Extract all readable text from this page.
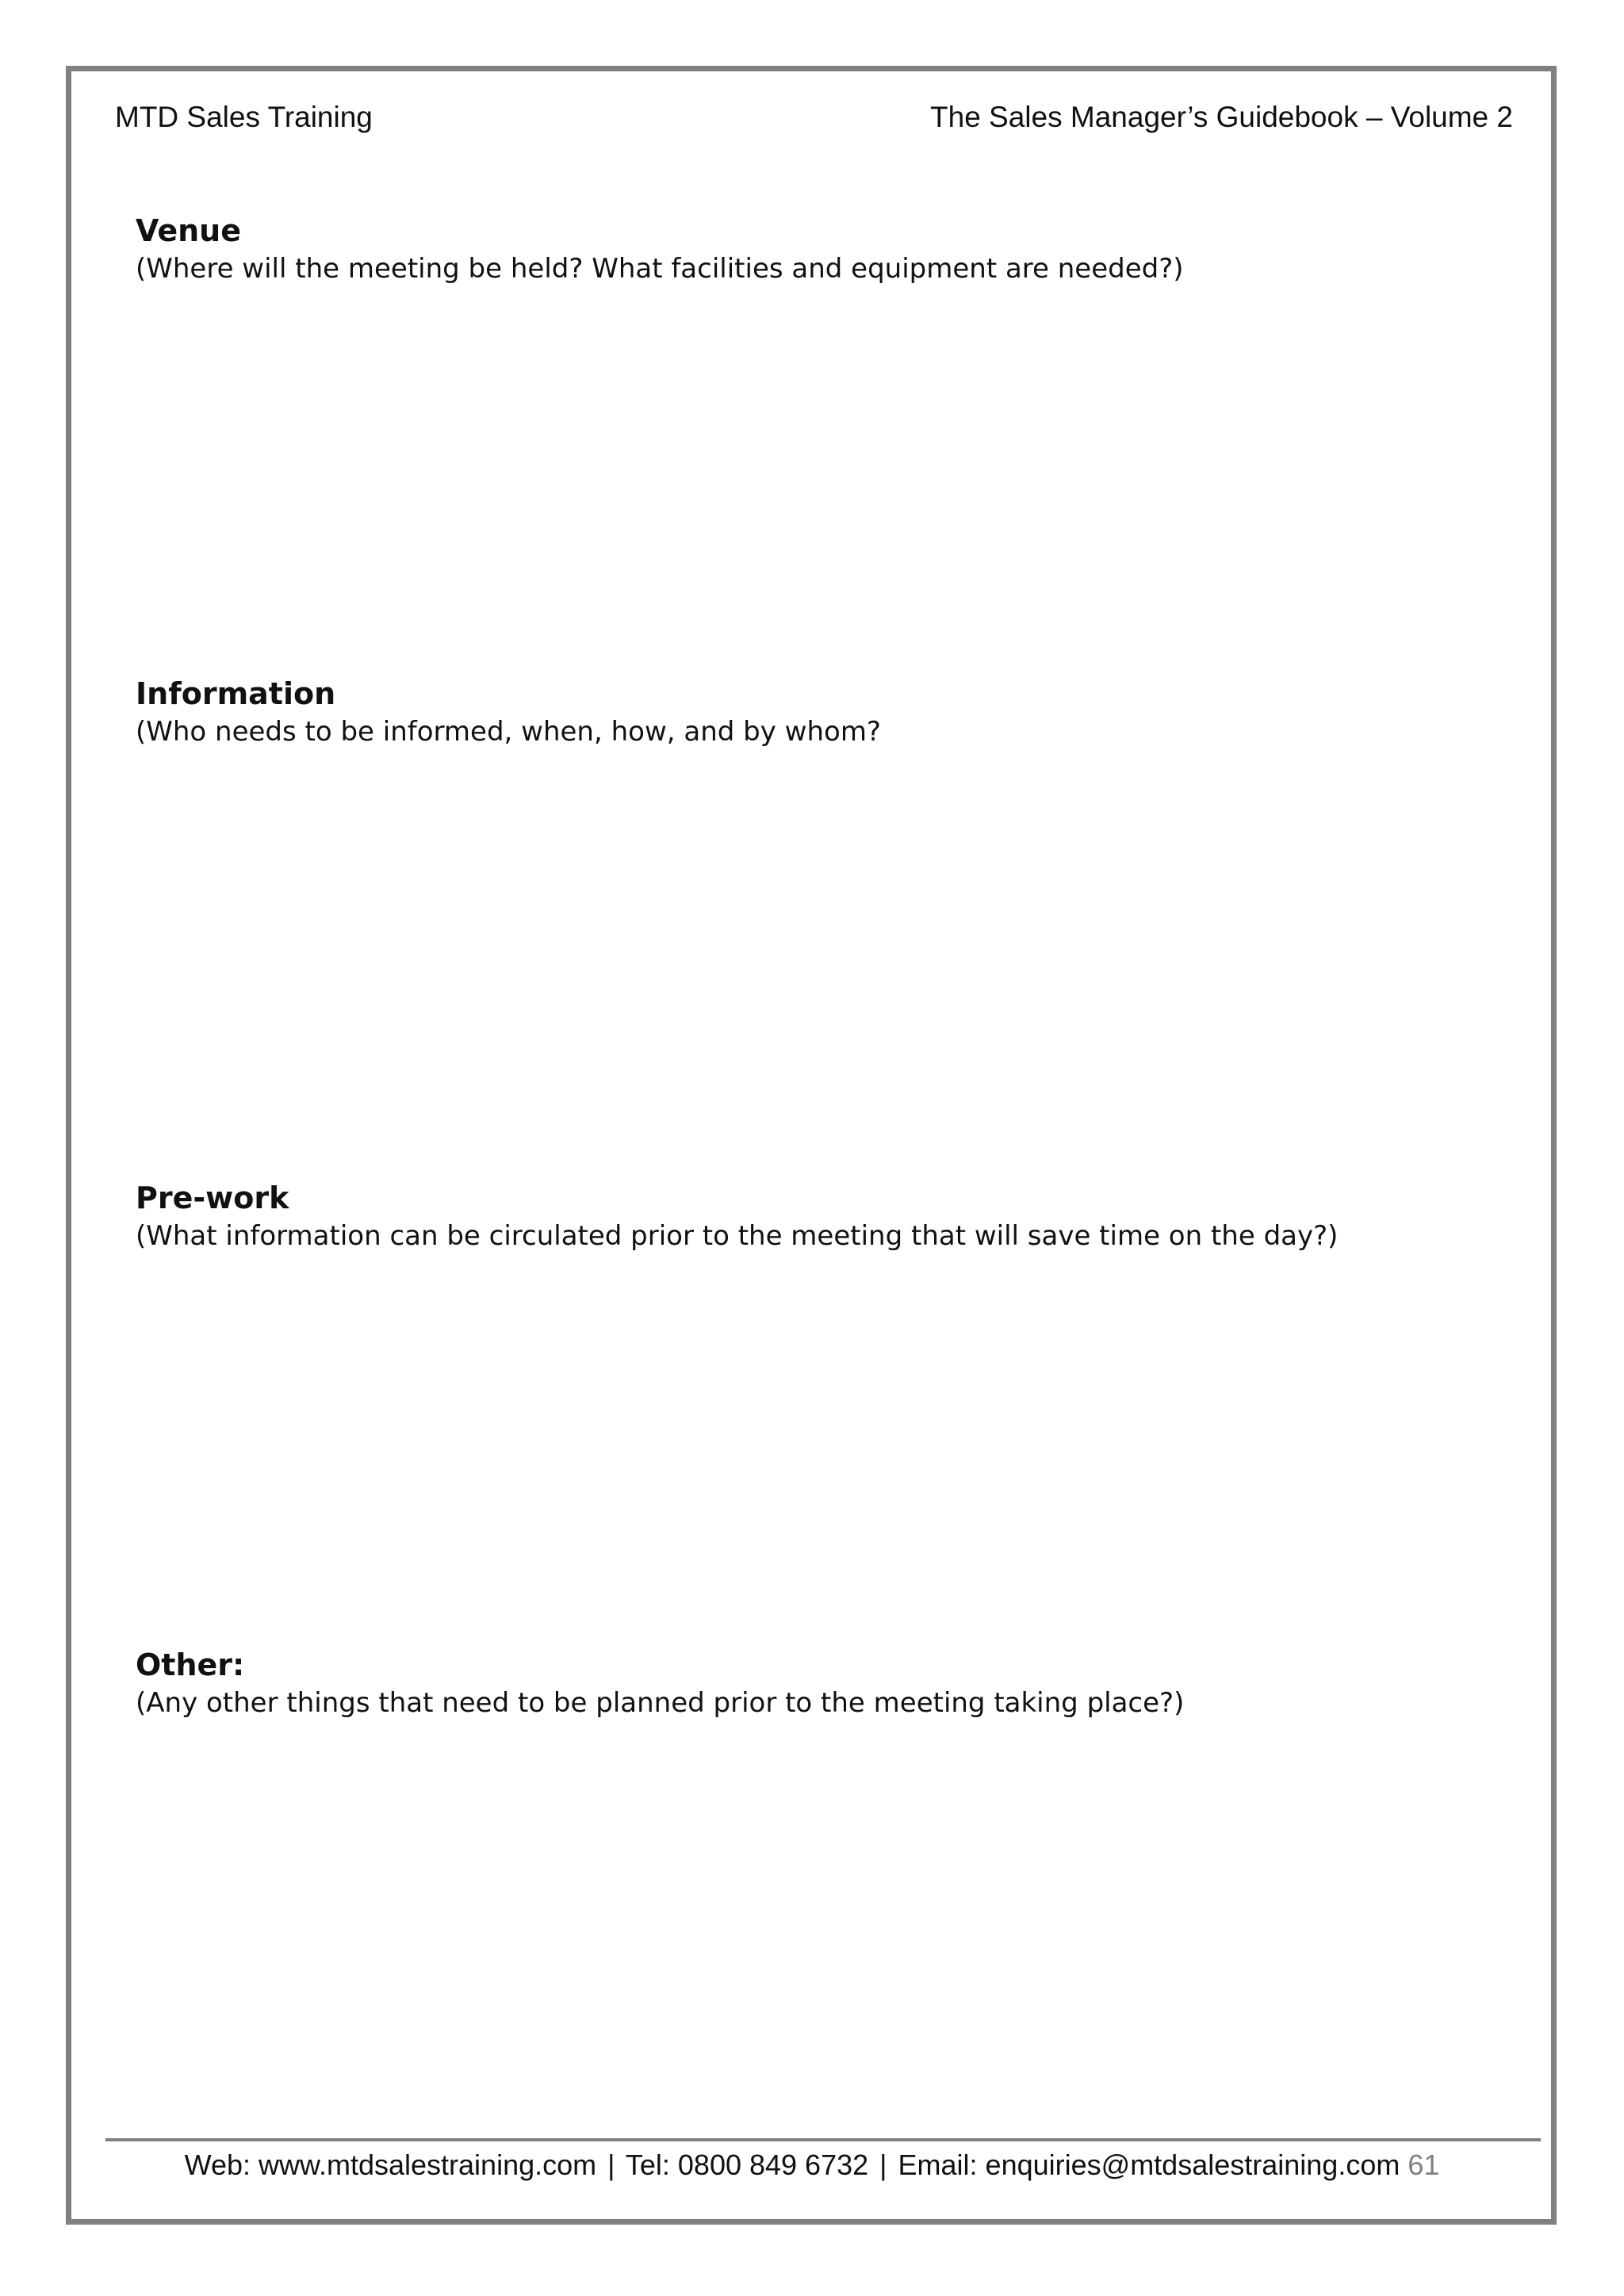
MTD Sales Training	The Sales Manager’s Guidebook – Volume 2

Venue

(Where will the meeting be held? What facilities and equipment are needed?)

Information

(Who needs to be informed, when, how, and by whom?

Pre-work

(What information can be circulated prior to the meeting that will save time on the day?)

Other:

(Any other things that need to be planned prior to the meeting taking place?)

Web: www.mtdsalestraining.com | Tel: 0800 849 6732 | Email: enquiries@mtdsalestraining.com 61
